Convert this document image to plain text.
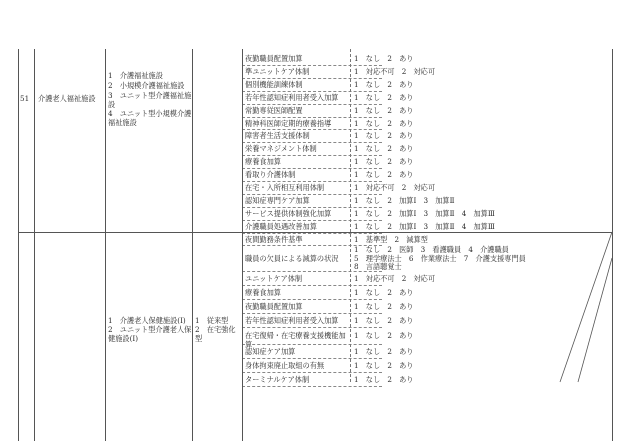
51 介護老人福祉施設
1　介護福祉施設
2　小規模介護福祉施設
3　ユニット型介護福祉施設
4　ユニット型小規模介護福祉施設
夜勤職員配置加算	1　なし　2　あり
準ユニットケア体制	1　対応不可　2　対応可
個別機能訓練体制	1　なし　2　あり
若年性認知症利用者受入加算 1　なし　2　あり
常勤専従医師配置	1　なし　2　あり
精神科医師定期的療養指導	1　なし　2　あり
障害者生活支援体制	1　なし　2　あり
栄養マネジメント体制	1　なし　2　あり
療養食加算	1　なし　2　あり
看取り介護体制	1　なし　2　あり
在宅・入所相互利用体制	1　対応不可　2　対応可
認知症専門ケア加算	1　なし　2　加算Ⅰ　3　加算Ⅱ
サービス提供体制強化加算	1　なし　2　加算Ⅰ　3　加算Ⅱ　4　加算Ⅲ
介護職員処遇改善加算	1　なし　2　加算Ⅰ　3　加算Ⅱ　4　加算Ⅲ
1　介護老人保健施設(Ⅰ)
2　ユニット型介護老人保健施設(Ⅰ)
1　従来型
2　在宅強化型
夜間勤務条件基準	1　基準型　2　減算型
職員の欠員による減算の状況
1　なし　2　医師　3　看護職員　4　介護職員
5　理学療法士　6　作業療法士　7　介護支援専門員
8　言語聴覚士
ユニットケア体制	1　対応不可　2　対応可
療養食加算	1　なし　2　あり
夜勤職員配置加算	1　なし　2　あり
若年性認知症利用者受入加算	1　なし　2　あり
在宅復帰・在宅療養支援機能加算
1　なし　2　あり
認知症ケア加算	1　なし　2　あり
身体拘束廃止取組の有無	1　なし　2　あり
ターミナルケア体制	1　なし　2　あり
